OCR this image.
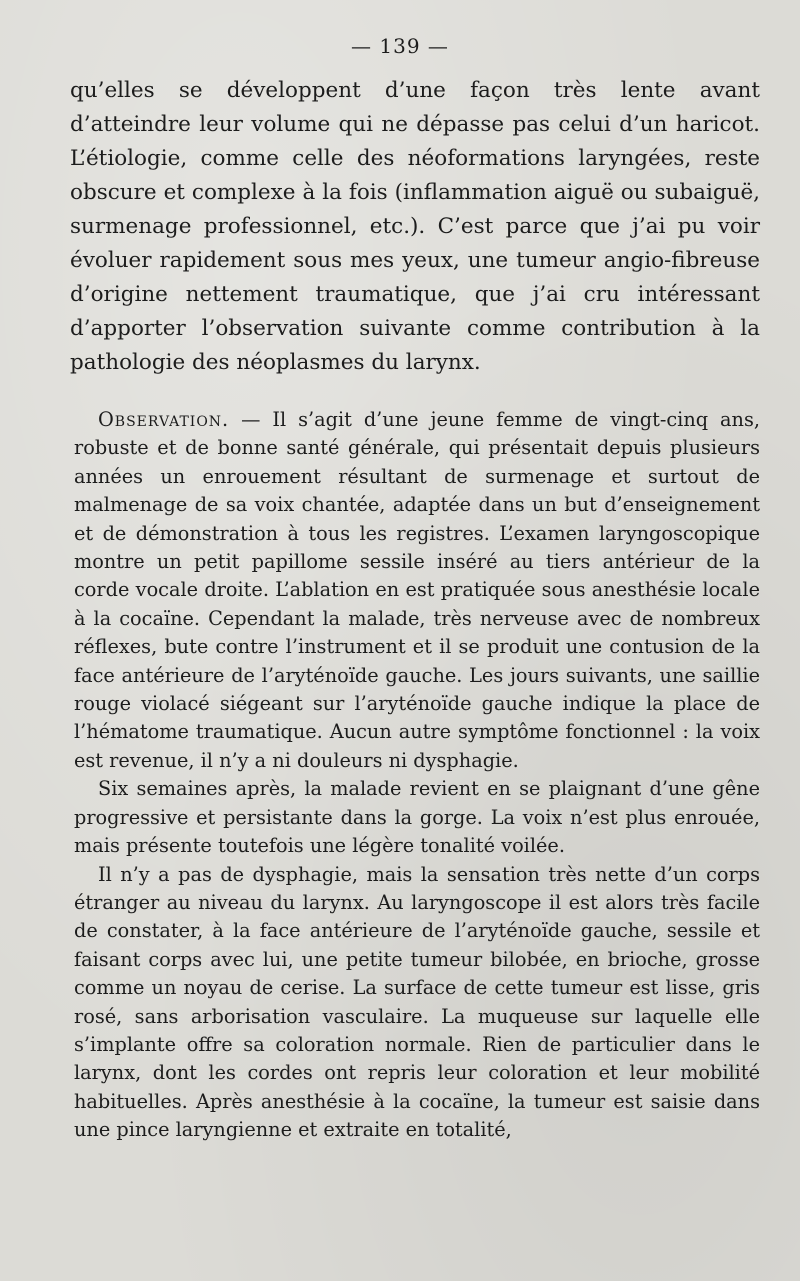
— 139 —

qu’elles se développent d’une façon très lente avant d’atteindre leur volume qui ne dépasse pas celui d’un haricot. L’étiologie, comme celle des néoformations laryngées, reste obscure et complexe à la fois (inflammation aiguë ou subaiguë, surmenage professionnel, etc.). C’est parce que j’ai pu voir évoluer rapidement sous mes yeux, une tumeur angio-fibreuse d’origine nettement traumatique, que j’ai cru intéressant d’apporter l’observation suivante comme contribution à la pathologie des néoplasmes du larynx.

Observation. — Il s’agit d’une jeune femme de vingt-cinq ans, robuste et de bonne santé générale, qui présentait depuis plusieurs années un enrouement résultant de surmenage et surtout de malmenage de sa voix chantée, adaptée dans un but d’enseignement et de démonstration à tous les registres. L’examen laryngoscopique montre un petit papillome sessile inséré au tiers antérieur de la corde vocale droite. L’ablation en est pratiquée sous anesthésie locale à la cocaïne. Cependant la malade, très nerveuse avec de nombreux réflexes, bute contre l’instrument et il se produit une contusion de la face antérieure de l’aryténoïde gauche. Les jours suivants, une saillie rouge violacé siégeant sur l’aryténoïde gauche indique la place de l’hématome traumatique. Aucun autre symptôme fonctionnel : la voix est revenue, il n’y a ni douleurs ni dysphagie.

Six semaines après, la malade revient en se plaignant d’une gêne progressive et persistante dans la gorge. La voix n’est plus enrouée, mais présente toutefois une légère tonalité voilée.

Il n’y a pas de dysphagie, mais la sensation très nette d’un corps étranger au niveau du larynx. Au laryngoscope il est alors très facile de constater, à la face antérieure de l’aryténoïde gauche, sessile et faisant corps avec lui, une petite tumeur bilobée, en brioche, grosse comme un noyau de cerise. La surface de cette tumeur est lisse, gris rosé, sans arborisation vasculaire. La muqueuse sur laquelle elle s’implante offre sa coloration normale. Rien de particulier dans le larynx, dont les cordes ont repris leur coloration et leur mobilité habituelles. Après anesthésie à la cocaïne, la tumeur est saisie dans une pince laryngienne et extraite en totalité,
